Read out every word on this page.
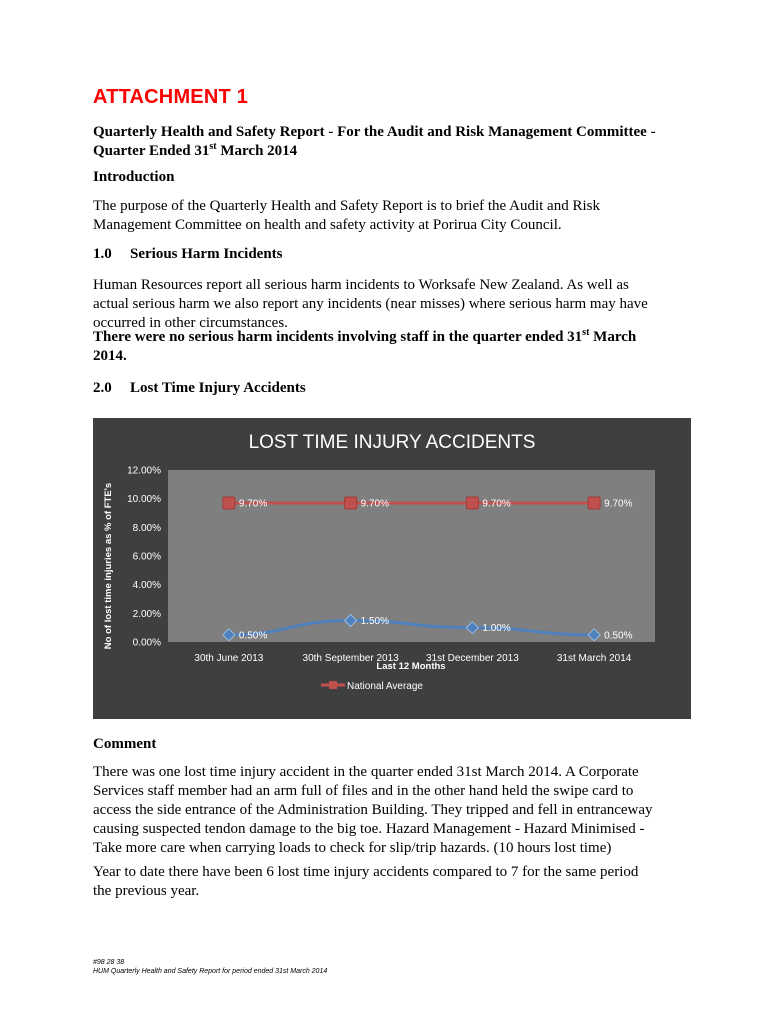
ATTACHMENT 1
Quarterly Health and Safety Report - For the Audit and Risk Management Committee -
Quarter Ended 31st March 2014
Introduction
The purpose of the Quarterly Health and Safety Report is to brief the Audit and Risk
Management Committee on health and safety activity at Porirua City Council.
1.0 Serious Harm Incidents
Human Resources report all serious harm incidents to Worksafe New Zealand. As well as
actual serious harm we also report any incidents (near misses) where serious harm may have
occurred in other circumstances.
There were no serious harm incidents involving staff in the quarter ended 31st March
2014.
2.0 Lost Time Injury Accidents
LOST TIME INJURY ACCIDENTS
No of lost time injuries as % of FTE's
Last 12 Months
National Average
0.00%
2.00%
4.00%
6.00%
8.00%
10.00%
12.00%
30th June 2013	30th September 2013	31st December 2013	31st March 2014
9.70%	9.70%	9.70%	9.70%
0.50%
1.50%
1.00%
0.50%
Comment
There was one lost time injury accident in the quarter ended 31st March 2014. A Corporate
Services staff member had an arm full of files and in the other hand held the swipe card to
access the side entrance of the Administration Building. They tripped and fell in entranceway
causing suspected tendon damage to the big toe. Hazard Management - Hazard Minimised -
Take more care when carrying loads to check for slip/trip hazards. (10 hours lost time)
Year to date there have been 6 lost time injury accidents compared to 7 for the same period
the previous year.
#98 28 38
HUM Quarterly Health and Safety Report for period ended 31st March 2014
